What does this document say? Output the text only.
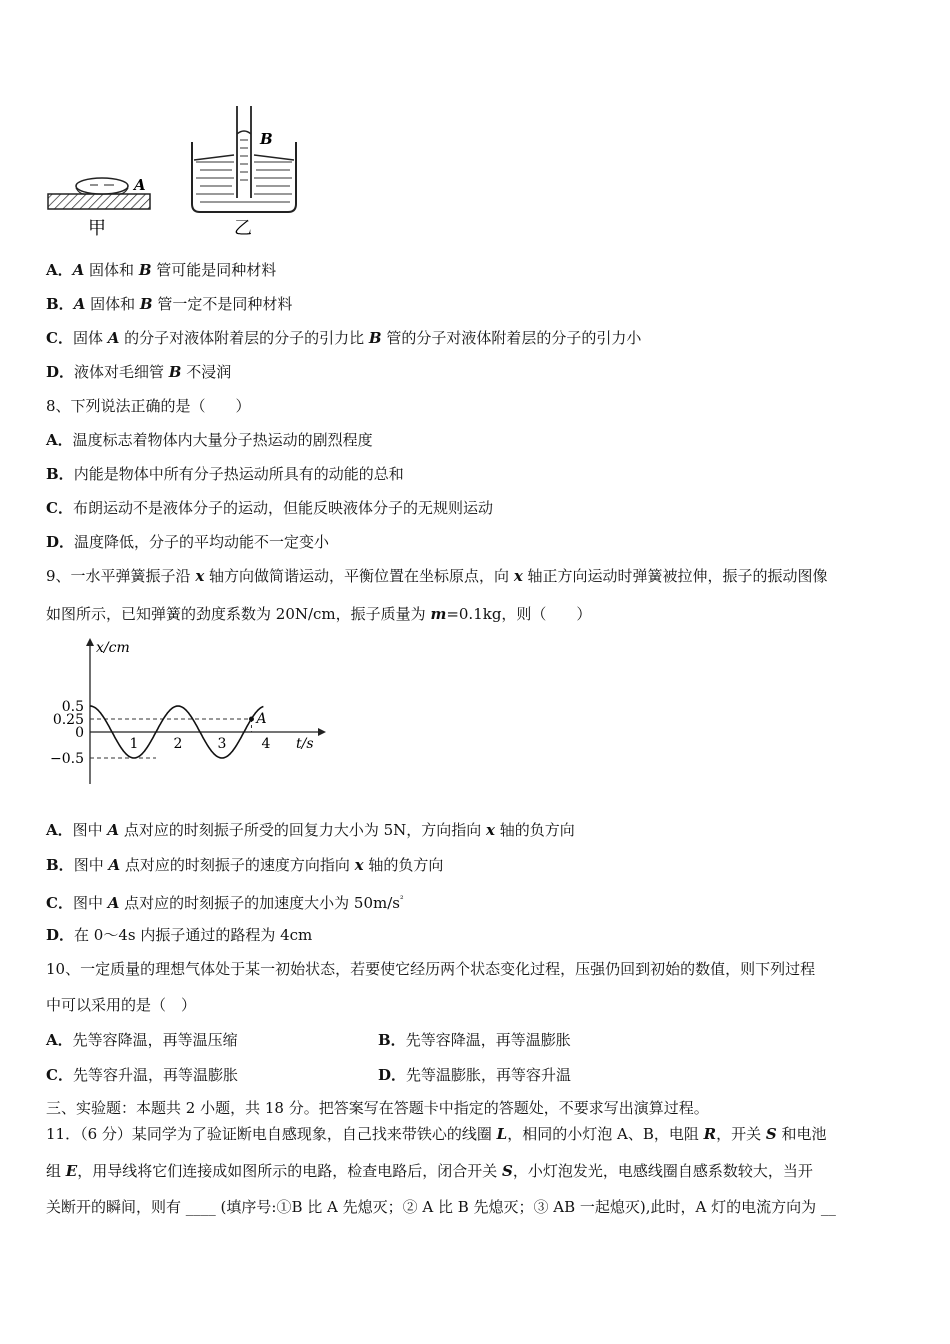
A
甲
B
乙
A．A 固体和 B 管可能是同种材料
B．A 固体和 B 管一定不是同种材料
C．固体 A 的分子对液体附着层的分子的引力比 B 管的分子对液体附着层的分子的引力小
D．液体对毛细管 B 不浸润
8、下列说法正确的是（　　）
A．温度标志着物体内大量分子热运动的剧烈程度
B．内能是物体中所有分子热运动所具有的动能的总和
C．布朗运动不是液体分子的运动，但能反映液体分子的无规则运动
D．温度降低，分子的平均动能不一定变小
9、一水平弹簧振子沿 x 轴方向做简谐运动，平衡位置在坐标原点，向 x 轴正方向运动时弹簧被拉伸，振子的振动图像
如图所示，已知弹簧的劲度系数为 20N/cm，振子质量为 m=0.1kg，则（　　）
x/cm
t/s
0.5
0.25
0
−0.5
1	2	3	4
A
A．图中 A 点对应的时刻振子所受的回复力大小为 5N，方向指向 x 轴的负方向
B．图中 A 点对应的时刻振子的速度方向指向 x 轴的负方向
C．图中 A 点对应的时刻振子的加速度大小为 $50m/s^{^2}$
D．在 0～4s 内振子通过的路程为 4cm
10、一定质量的理想气体处于某一初始状态，若要使它经历两个状态变化过程，压强仍回到初始的数值，则下列过程
中可以采用的是（　）
A．先等容降温，再等温压缩	B．先等容降温，再等温膨胀
C．先等容升温，再等温膨胀	D．先等温膨胀，再等容升温
三、实验题：本题共 2 小题，共 18 分。把答案写在答题卡中指定的答题处，不要求写出演算过程。
11．（6 分）某同学为了验证断电自感现象，自己找来带铁心的线圈 L，相同的小灯泡 A、B，电阻 R，开关 S 和电池
组 E，用导线将它们连接成如图所示的电路，检查电路后，闭合开关 S，小灯泡发光，电感线圈自感系数较大，当开
关断开的瞬间，则有 ____ (填序号:①B 比 A 先熄灭；② A 比 B 先熄灭；③ AB 一起熄灭),此时，A 灯的电流方向为 __
